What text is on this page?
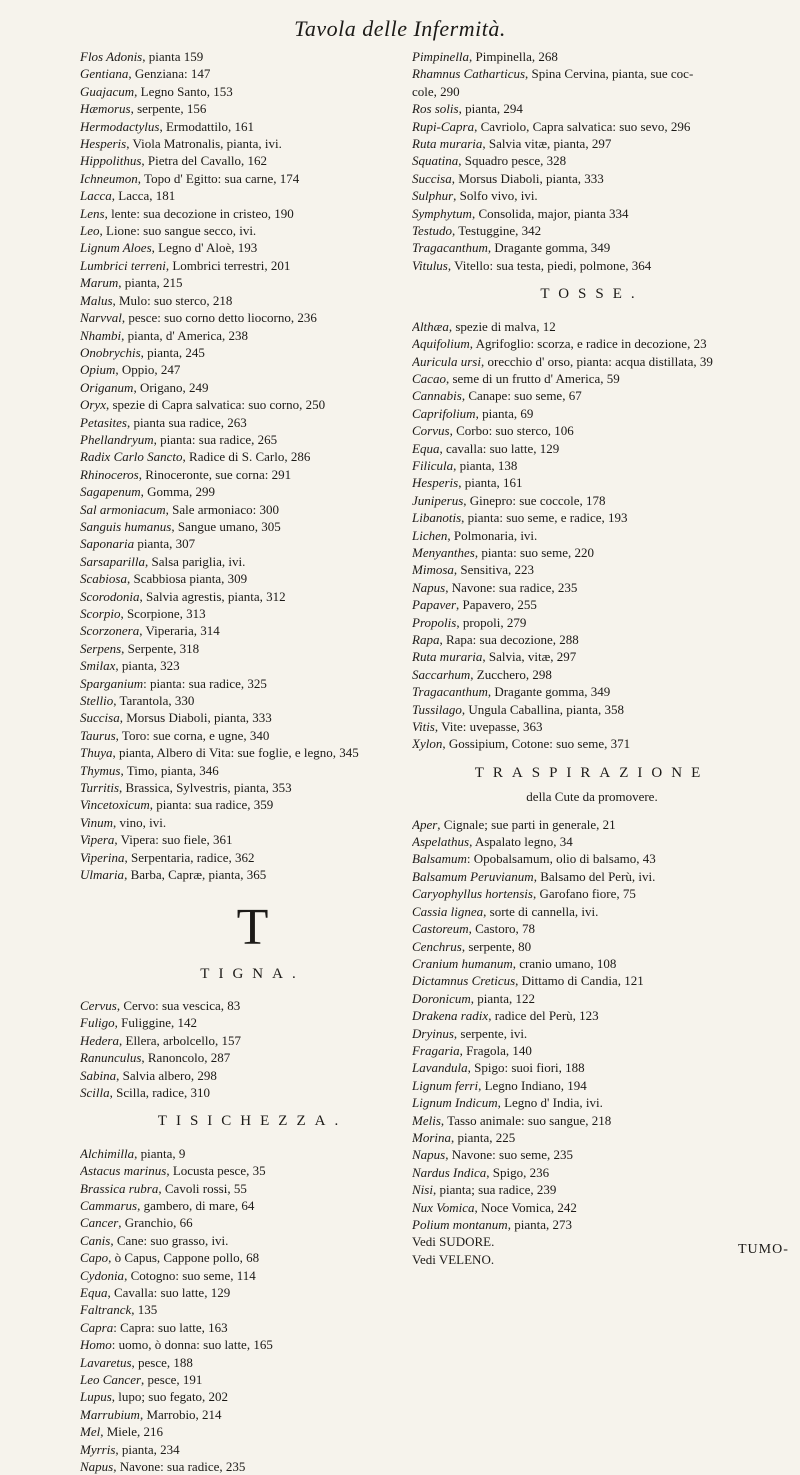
Tavola delle Infermità.
Flos Adonis, pianta 159
Gentiana, Genziana: 147
Guajacum, Legno Santo, 153
Hæmorus, serpente, 156
Hermodactylus, Ermodattilo, 161
Hesperis, Viola Matronalis, pianta, ivi.
Hippolithus, Pietra del Cavallo, 162
Ichneumon, Topo d' Egitto: sua carne, 174
Lacca, Lacca, 181
Lens, lente: sua decozione in cristeo, 190
Leo, Lione: suo sangue secco, ivi.
Lignum Aloes, Legno d' Aloè, 193
Lumbrici terreni, Lombrici terrestri, 201
Marum, pianta, 215
Malus, Mulo: suo sterco, 218
Narvval, pesce: suo corno detto liocorno, 236
Nhambi, pianta, d' America, 238
Onobrychis, pianta, 245
Opium, Oppio, 247
Origanum, Origano, 249
Oryx, spezie di Capra salvatica: suo corno, 250
Petasites, pianta sua radice, 263
Phellandryum, pianta: sua radice, 265
Radix Carlo Sancto, Radice di S. Carlo, 286
Rhinoceros, Rinoceronte, sue corna: 291
Sagapenum, Gomma, 299
Sal armoniacum, Sale armoniaco: 300
Sanguis humanus, Sangue umano, 305
Saponaria pianta, 307
Sarsaparilla, Salsa pariglia, ivi.
Scabiosa, Scabbiosa pianta, 309
Scorodonia, Salvia agrestis, pianta, 312
Scorpio, Scorpione, 313
Scorzonera, Viperaria, 314
Serpens, Serpente, 318
Smilax, pianta, 323
Sparganium: pianta: sua radice, 325
Stellio, Tarantola, 330
Succisa, Morsus Diaboli, pianta, 333
Taurus, Toro: sue corna, e ugne, 340
Thuya, pianta, Albero di Vita: sue foglie, e legno, 345
Thymus, Timo, pianta, 346
Turritis, Brassica, Sylvestris, pianta, 353
Vincetoxicum, pianta: sua radice, 359
Vinum, vino, ivi.
Vipera, Vipera: suo fiele, 361
Viperina, Serpentaria, radice, 362
Ulmaria, Barba, Capræ, pianta, 365
T
TIGNA.
Cervus, Cervo: sua vescica, 83
Fuligo, Fuliggine, 142
Hedera, Ellera, arbolcello, 157
Ranunculus, Ranoncolo, 287
Sabina, Salvia albero, 298
Scilla, Scilla, radice, 310
TISICHEZZA.
Alchimilla, pianta, 9
Astacus marinus, Locusta pesce, 35
Brassica rubra, Cavoli rossi, 55
Cammarus, gambero, di mare, 64
Cancer, Granchio, 66
Canis, Cane: suo grasso, ivi.
Capo, ò Capus, Cappone pollo, 68
Cydonia, Cotogno: suo seme, 114
Equa, Cavalla: suo latte, 129
Faltranck, 135
Capra: Capra: suo latte, 163
Homo: uomo, ò donna: suo latte, 165
Lavaretus, pesce, 188
Leo Cancer, pesce, 191
Lupus, lupo; suo fegato, 202
Marrubium, Marrobio, 214
Mel, Miele, 216
Myrris, pianta, 234
Napus, Navone: sua radice, 235
Pimpinella, Pimpinella, 268
Rhamnus Catharticus, Spina Cervina, pianta, sue coc-
cole, 290
Ros solis, pianta, 294
Rupi-Capra, Cavriolo, Capra salvatica: suo sevo, 296
Ruta muraria, Salvia vitæ, pianta, 297
Squatina, Squadro pesce, 328
Succisa, Morsus Diaboli, pianta, 333
Sulphur, Solfo vivo, ivi.
Symphytum, Consolida, major, pianta 334
Testudo, Testuggine, 342
Tragacanthum, Dragante gomma, 349
Vitulus, Vitello: sua testa, piedi, polmone, 364
TOSSE.
Althæa, spezie di malva, 12
Aquifolium, Agrifoglio: scorza, e radice in decozione, 23
Auricula ursi, orecchio d' orso, pianta: acqua distillata, 39
Cacao, seme di un frutto d' America, 59
Cannabis, Canape: suo seme, 67
Caprifolium, pianta, 69
Corvus, Corbo: suo sterco, 106
Equa, cavalla: suo latte, 129
Filicula, pianta, 138
Hesperis, pianta, 161
Juniperus, Ginepro: sue coccole, 178
Libanotis, pianta: suo seme, e radice, 193
Lichen, Polmonaria, ivi.
Menyanthes, pianta: suo seme, 220
Mimosa, Sensitiva, 223
Napus, Navone: sua radice, 235
Papaver, Papavero, 255
Propolis, propoli, 279
Rapa, Rapa: sua decozione, 288
Ruta muraria, Salvia, vitæ, 297
Saccarhum, Zucchero, 298
Tragacanthum, Dragante gomma, 349
Tussilago, Ungula Caballina, pianta, 358
Vitis, Vite: uvepasse, 363
Xylon, Gossipium, Cotone: suo seme, 371
TRASPIRAZIONE
della Cute da promovere.
Aper, Cignale; sue parti in generale, 21
Aspelathus, Aspalato legno, 34
Balsamum: Opobalsamum, olio di balsamo, 43
Balsamum Peruvianum, Balsamo del Perù, ivi.
Caryophyllus hortensis, Garofano fiore, 75
Cassia lignea, sorte di cannella, ivi.
Castoreum, Castoro, 78
Cenchrus, serpente, 80
Cranium humanum, cranio umano, 108
Dictamnus Creticus, Dittamo di Candia, 121
Doronicum, pianta, 122
Drakena radix, radice del Perù, 123
Dryinus, serpente, ivi.
Fragaria, Fragola, 140
Lavandula, Spigo: suoi fiori, 188
Lignum ferri, Legno Indiano, 194
Lignum Indicum, Legno d' India, ivi.
Melis, Tasso animale: suo sangue, 218
Morina, pianta, 225
Napus, Navone: suo seme, 235
Nardus Indica, Spigo, 236
Nisi, pianta; sua radice, 239
Nux Vomica, Noce Vomica, 242
Polium montanum, pianta, 273
Vedi SUDORE.
Vedi VELENO.
TUMO-
